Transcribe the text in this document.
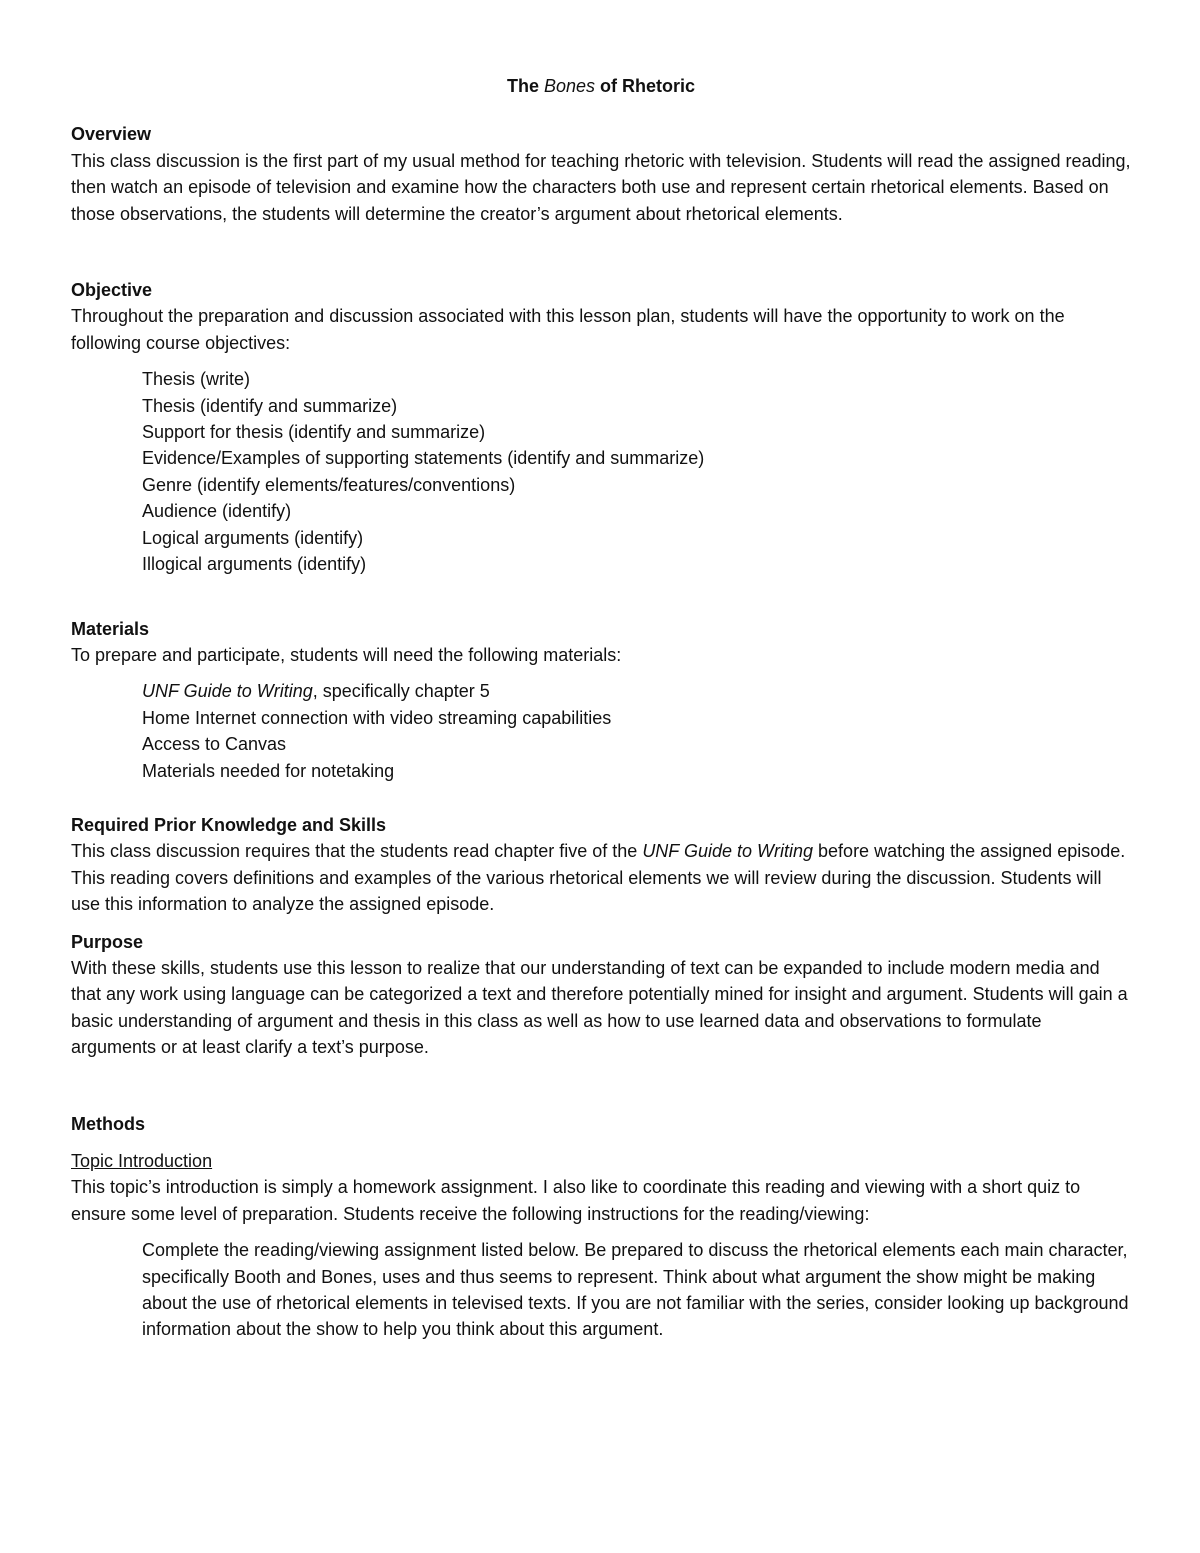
The Bones of Rhetoric

Overview

This class discussion is the first part of my usual method for teaching rhetoric with television. Students will read the assigned reading, then watch an episode of television and examine how the characters both use and represent certain rhetorical elements. Based on those observations, the students will determine the creator’s argument about rhetorical elements.

Objective

Throughout the preparation and discussion associated with this lesson plan, students will have the opportunity to work on the following course objectives:

Thesis (write)
Thesis (identify and summarize)
Support for thesis (identify and summarize)
Evidence/Examples of supporting statements (identify and summarize)
Genre (identify elements/features/conventions)
Audience (identify)
Logical arguments (identify)
Illogical arguments (identify)

Materials

To prepare and participate, students will need the following materials:

UNF Guide to Writing, specifically chapter 5
Home Internet connection with video streaming capabilities
Access to Canvas
Materials needed for notetaking

Required Prior Knowledge and Skills

This class discussion requires that the students read chapter five of the UNF Guide to Writing before watching the assigned episode. This reading covers definitions and examples of the various rhetorical elements we will review during the discussion. Students will use this information to analyze the assigned episode.

Purpose

With these skills, students use this lesson to realize that our understanding of text can be expanded to include modern media and that any work using language can be categorized a text and therefore potentially mined for insight and argument. Students will gain a basic understanding of argument and thesis in this class as well as how to use learned data and observations to formulate arguments or at least clarify a text’s purpose.

Methods

Topic Introduction

This topic’s introduction is simply a homework assignment. I also like to coordinate this reading and viewing with a short quiz to ensure some level of preparation. Students receive the following instructions for the reading/viewing:

Complete the reading/viewing assignment listed below. Be prepared to discuss the rhetorical elements each main character, specifically Booth and Bones, uses and thus seems to represent. Think about what argument the show might be making about the use of rhetorical elements in televised texts. If you are not familiar with the series, consider looking up background information about the show to help you think about this argument.
